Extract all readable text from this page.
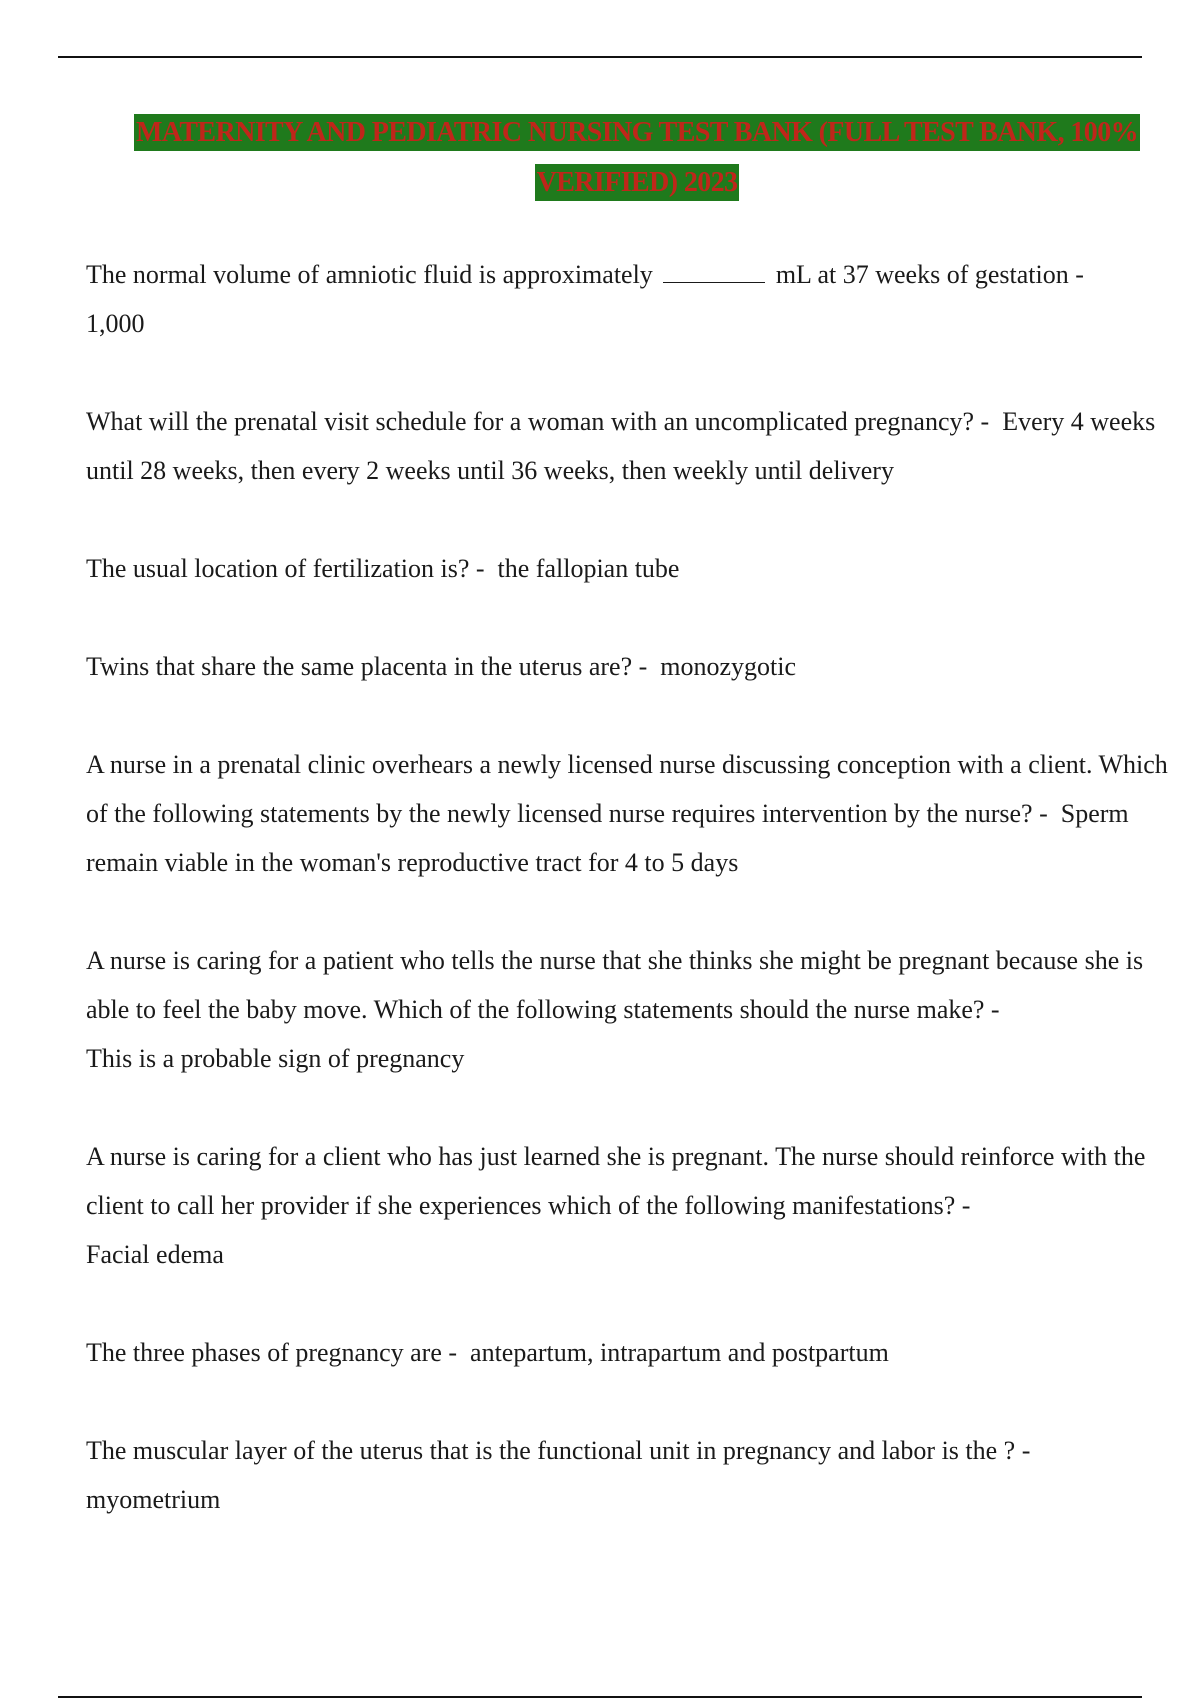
MATERNITY AND PEDIATRIC NURSING TEST BANK (FULL TEST BANK, 100%
VERIFIED) 2023

The normal volume of amniotic fluid is approximately	mL at 37 weeks of gestation -
1,000

What will the prenatal visit schedule for a woman with an uncomplicated pregnancy? - Every 4 weeks until 28 weeks, then every 2 weeks until 36 weeks, then weekly until delivery

The usual location of fertilization is? - the fallopian tube

Twins that share the same placenta in the uterus are? - monozygotic

A nurse in a prenatal clinic overhears a newly licensed nurse discussing conception with a client. Which of the following statements by the newly licensed nurse requires intervention by the nurse? - Sperm remain viable in the woman's reproductive tract for 4 to 5 days

A nurse is caring for a patient who tells the nurse that she thinks she might be pregnant because she is able to feel the baby move. Which of the following statements should the nurse make? -
This is a probable sign of pregnancy

A nurse is caring for a client who has just learned she is pregnant. The nurse should reinforce with the client to call her provider if she experiences which of the following manifestations? -
Facial edema

The three phases of pregnancy are - antepartum, intrapartum and postpartum

The muscular layer of the uterus that is the functional unit in pregnancy and labor is the ? -
myometrium
